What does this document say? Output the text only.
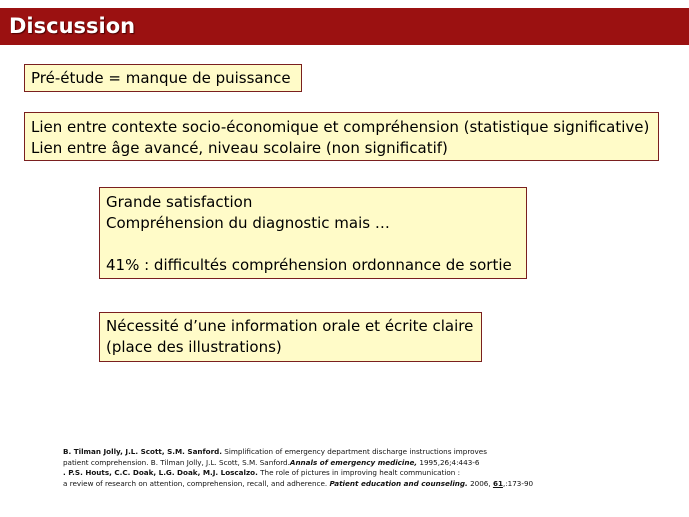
Discussion
Pré-étude = manque de puissance
Lien entre contexte socio-économique et compréhension (statistique significative)
Lien entre âge avancé, niveau scolaire (non significatif)
Grande satisfaction
Compréhension du diagnostic mais …
41% : difficultés compréhension ordonnance de sortie
Nécessité d’une information orale et écrite claire
(place des illustrations)
B. Tilman Jolly, J.L. Scott, S.M. Sanford. Simplification of emergency department discharge instructions improves
patient comprehension. B. Tilman Jolly, J.L. Scott, S.M. Sanford.Annals of emergency medicine, 1995,26;4:443-6
. P.S. Houts, C.C. Doak, L.G. Doak, M.J. Loscalzo. The role of pictures in improving healt communication :
a review of research on attention, comprehension, recall, and adherence. Patient education and counseling. 2006, 61,:173-90
